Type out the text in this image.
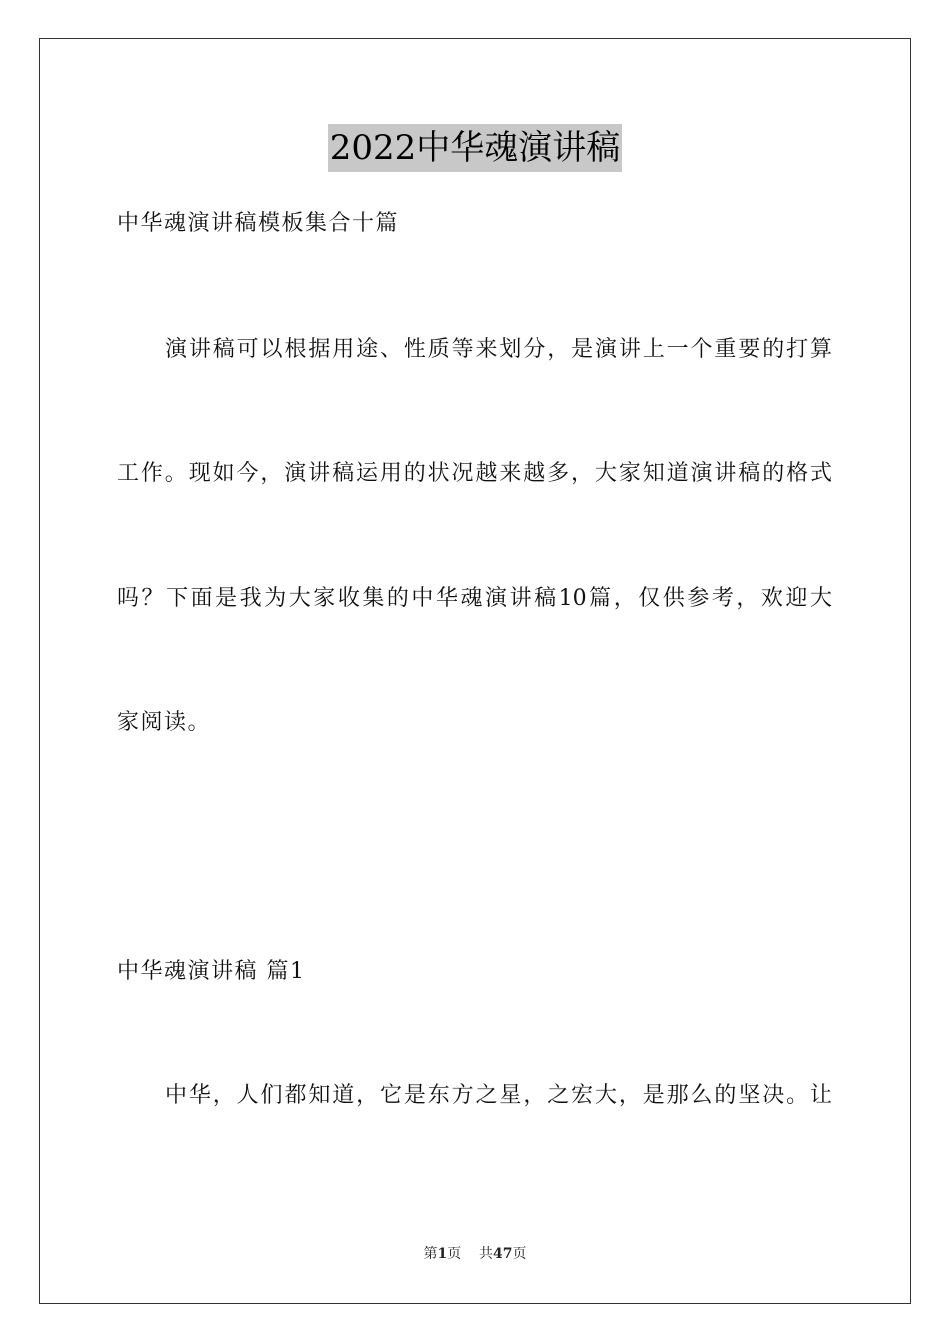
2022中华魂演讲稿
中华魂演讲稿模板集合十篇
演讲稿可以根据用途、性质等来划分，是演讲上一个重要的打算
工作。现如今，演讲稿运用的状况越来越多，大家知道演讲稿的格式
吗？下面是我为大家收集的中华魂演讲稿10篇，仅供参考，欢迎大
家阅读。
中华魂演讲稿 篇1
中华，人们都知道，它是东方之星，之宏大，是那么的坚决。让
第1页 共47页
